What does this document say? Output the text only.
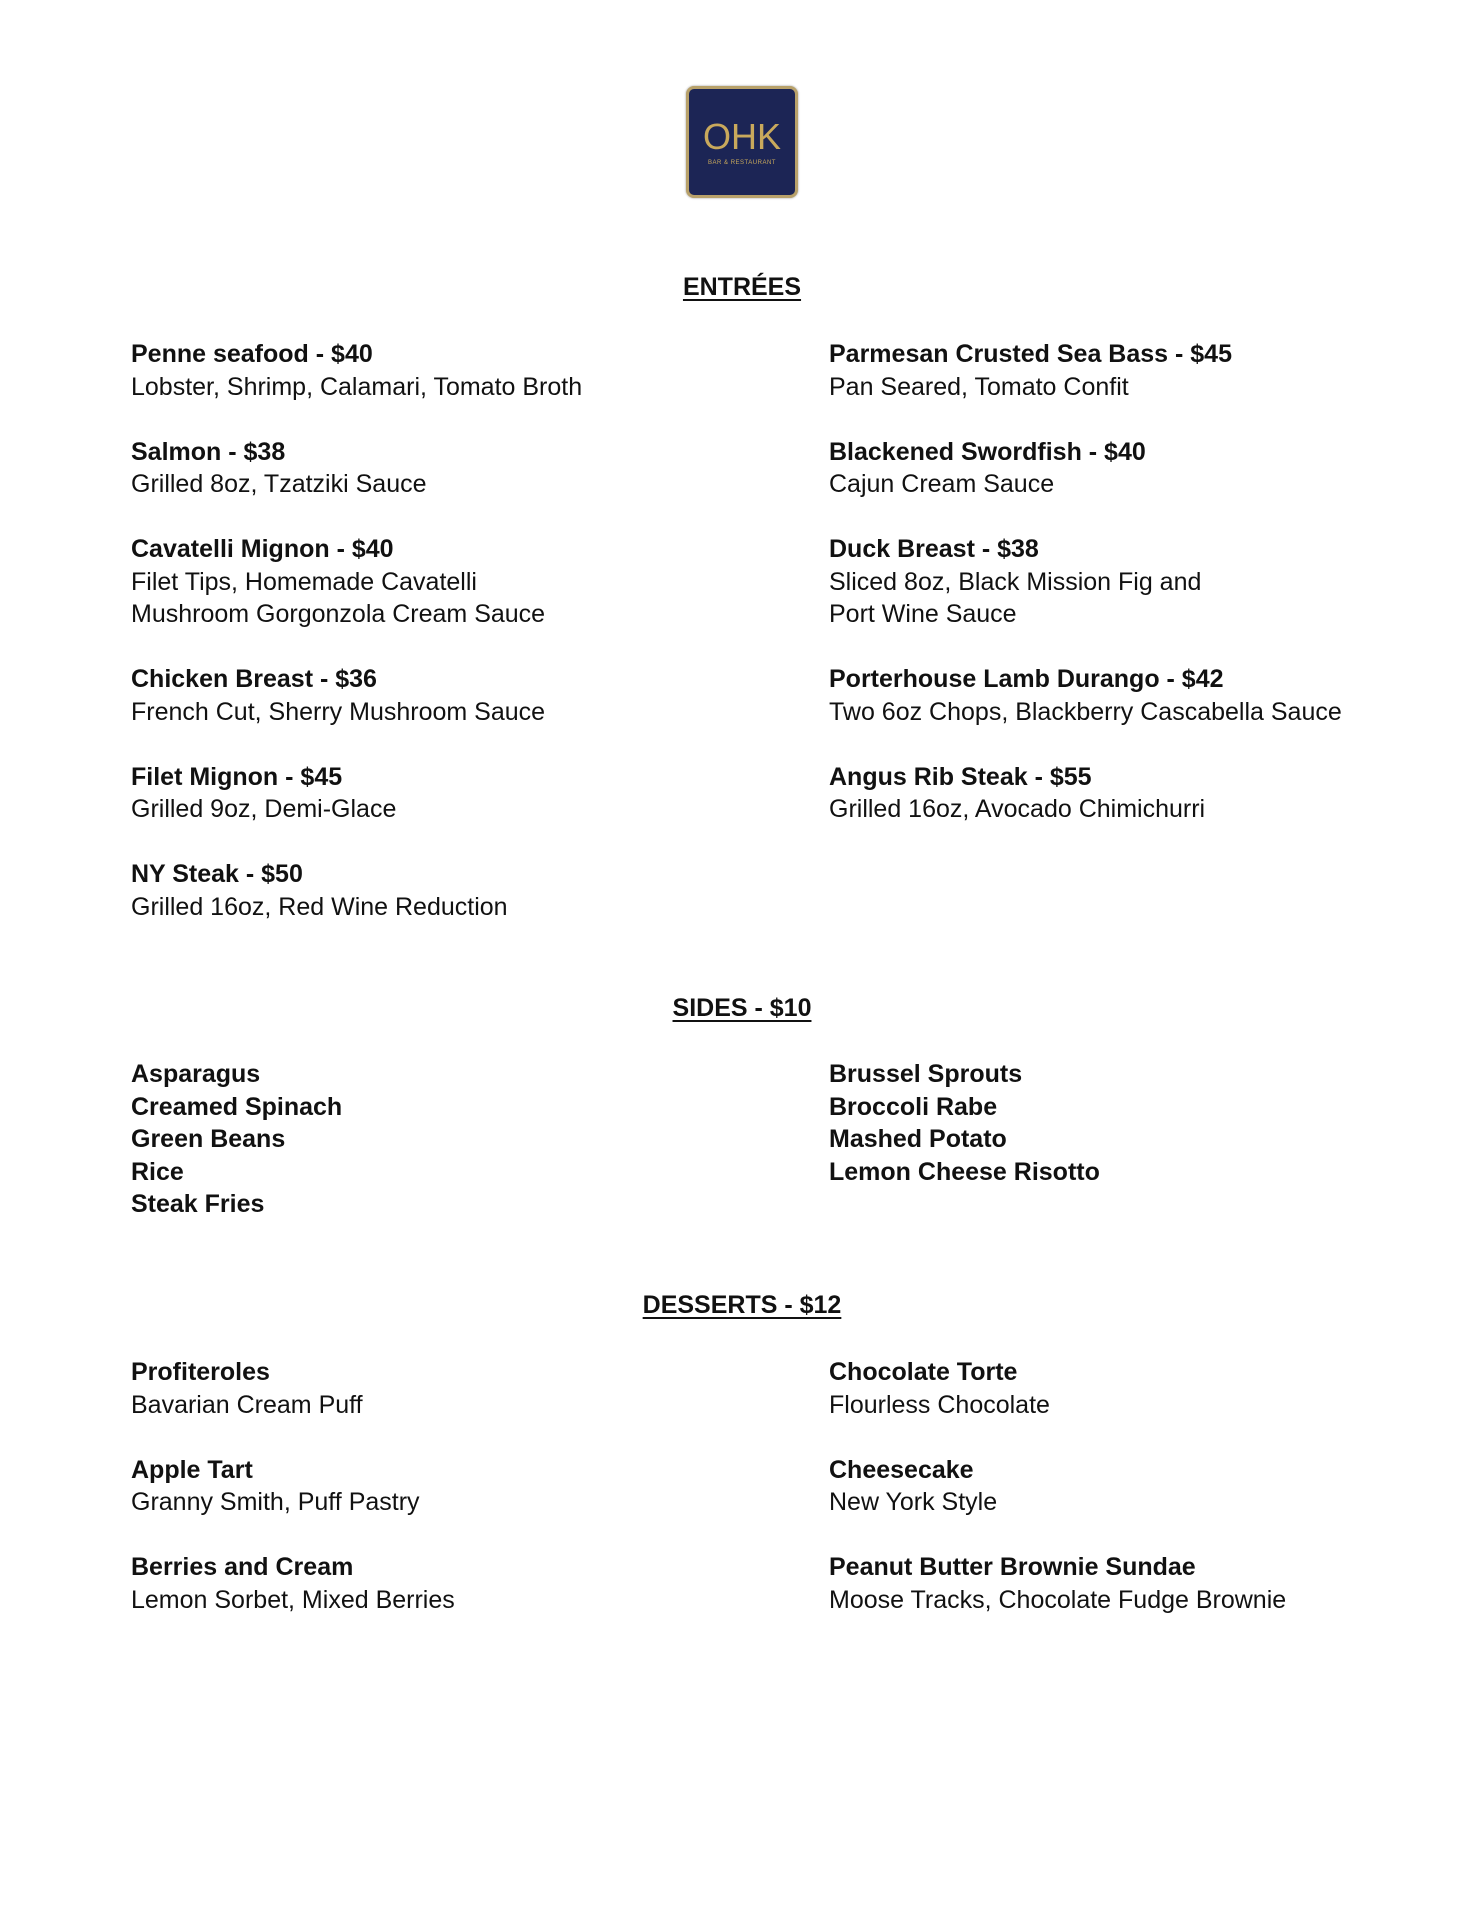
OHK
BAR & RESTAURANT
ENTRÉES
Penne seafood - $40
Lobster, Shrimp, Calamari, Tomato Broth
Salmon - $38
Grilled 8oz, Tzatziki Sauce
Cavatelli Mignon - $40
Filet Tips, Homemade Cavatelli
Mushroom Gorgonzola Cream Sauce
Chicken Breast - $36
French Cut, Sherry Mushroom Sauce
Filet Mignon - $45
Grilled 9oz, Demi-Glace
NY Steak - $50
Grilled 16oz, Red Wine Reduction
Parmesan Crusted Sea Bass - $45
Pan Seared, Tomato Confit
Blackened Swordfish - $40
Cajun Cream Sauce
Duck Breast - $38
Sliced 8oz, Black Mission Fig and
Port Wine Sauce
Porterhouse Lamb Durango - $42
Two 6oz Chops, Blackberry Cascabella Sauce
Angus Rib Steak - $55
Grilled 16oz, Avocado Chimichurri
SIDES - $10
Asparagus
Creamed Spinach
Green Beans
Rice
Steak Fries
Brussel Sprouts
Broccoli Rabe
Mashed Potato
Lemon Cheese Risotto
DESSERTS - $12
Profiteroles
Bavarian Cream Puff
Apple Tart
Granny Smith, Puff Pastry
Berries and Cream
Lemon Sorbet, Mixed Berries
Chocolate Torte
Flourless Chocolate
Cheesecake
New York Style
Peanut Butter Brownie Sundae
Moose Tracks, Chocolate Fudge Brownie
